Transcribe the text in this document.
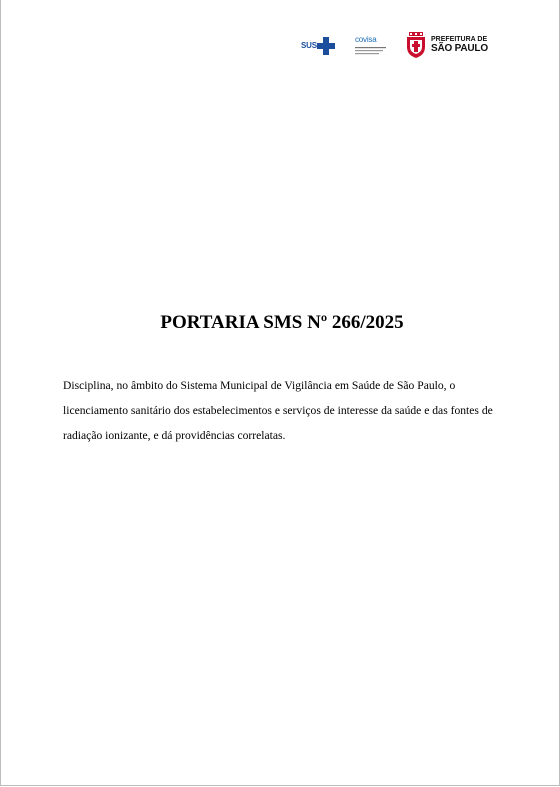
SUS
covisa	PREFEITURA DE
SÃO PAULO
PORTARIA SMS Nº 266/2025

Disciplina, no âmbito do Sistema Municipal de Vigilância em Saúde de São Paulo, o licenciamento sanitário dos estabelecimentos e serviços de interesse da saúde e das fontes de radiação ionizante, e dá providências correlatas.
